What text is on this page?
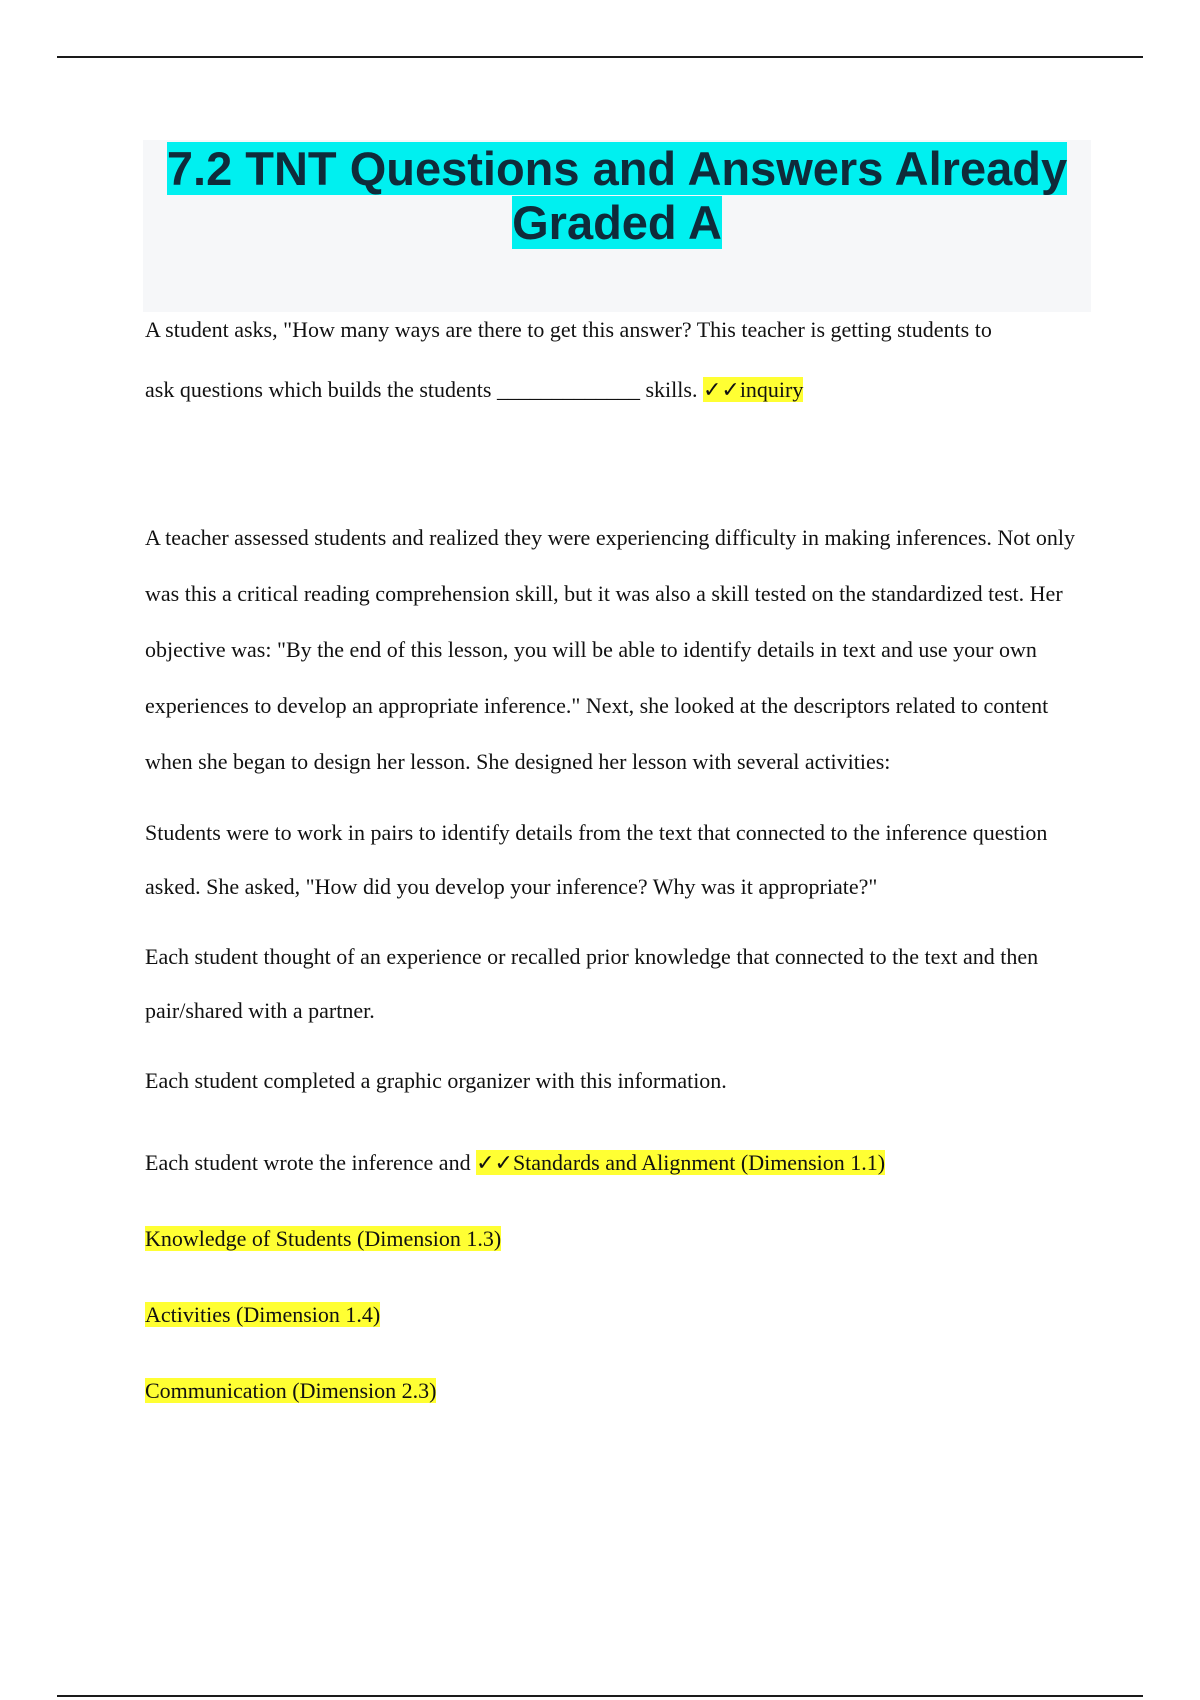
7.2 TNT Questions and Answers Already Graded A

A student asks, "How many ways are there to get this answer? This teacher is getting students to

ask questions which builds the students _____________ skills. ✓✓inquiry

A teacher assessed students and realized they were experiencing difficulty in making inferences. Not only was this a critical reading comprehension skill, but it was also a skill tested on the standardized test. Her objective was: "By the end of this lesson, you will be able to identify details in text and use your own experiences to develop an appropriate inference." Next, she looked at the descriptors related to content when she began to design her lesson. She designed her lesson with several activities:

Students were to work in pairs to identify details from the text that connected to the inference question asked. She asked, "How did you develop your inference? Why was it appropriate?"

Each student thought of an experience or recalled prior knowledge that connected to the text and then pair/shared with a partner.

Each student completed a graphic organizer with this information.

Each student wrote the inference and ✓✓Standards and Alignment (Dimension 1.1)

Knowledge of Students (Dimension 1.3)

Activities (Dimension 1.4)

Communication (Dimension 2.3)
